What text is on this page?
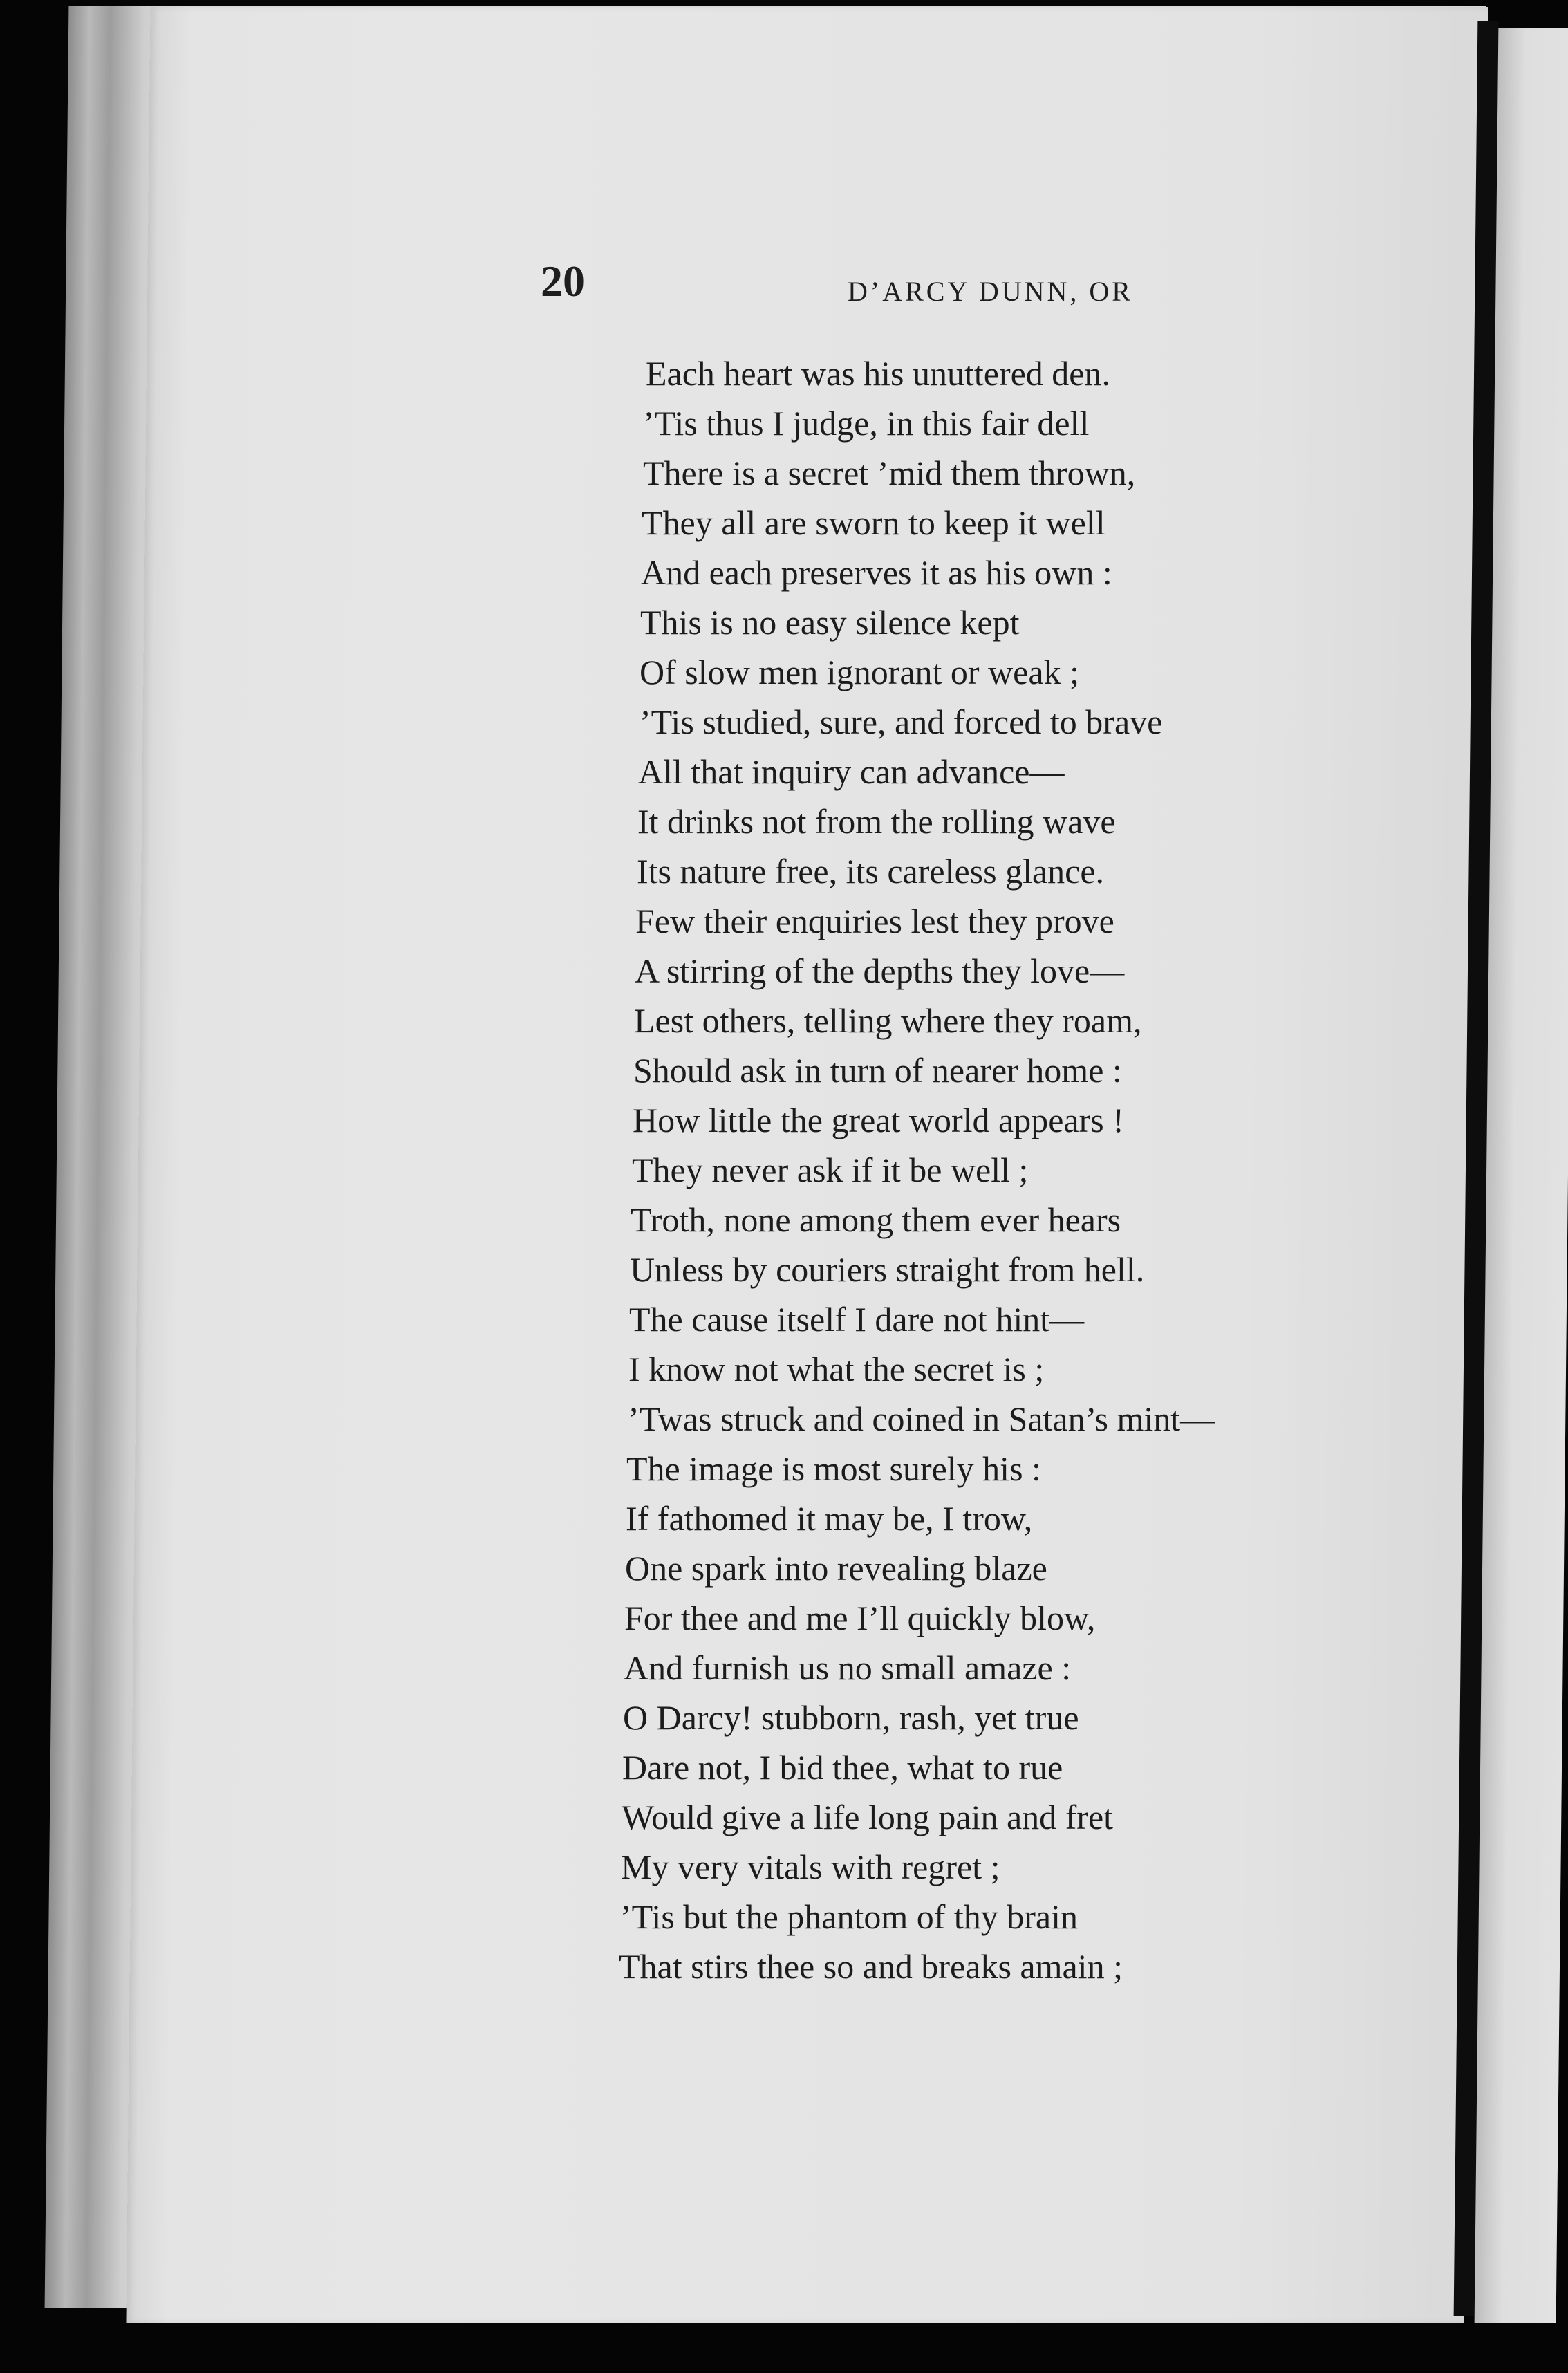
20	D’ARCY DUNN, OR
Each heart was his unuttered den.
’Tis thus I judge, in this fair dell
There is a secret ’mid them thrown,
They all are sworn to keep it well
And each preserves it as his own :
This is no easy silence kept
Of slow men ignorant or weak ;
’Tis studied, sure, and forced to brave
All that inquiry can advance—
It drinks not from the rolling wave
Its nature free, its careless glance.
Few their enquiries lest they prove
A stirring of the depths they love—
Lest others, telling where they roam,
Should ask in turn of nearer home :
How little the great world appears !
They never ask if it be well ;
Troth, none among them ever hears
Unless by couriers straight from hell.
The cause itself I dare not hint—
I know not what the secret is ;
’Twas struck and coined in Satan’s mint—
The image is most surely his :
If fathomed it may be, I trow,
One spark into revealing blaze
For thee and me I’ll quickly blow,
And furnish us no small amaze :
O Darcy! stubborn, rash, yet true
Dare not, I bid thee, what to rue
Would give a life long pain and fret
My very vitals with regret ;
’Tis but the phantom of thy brain
That stirs thee so and breaks amain ;
